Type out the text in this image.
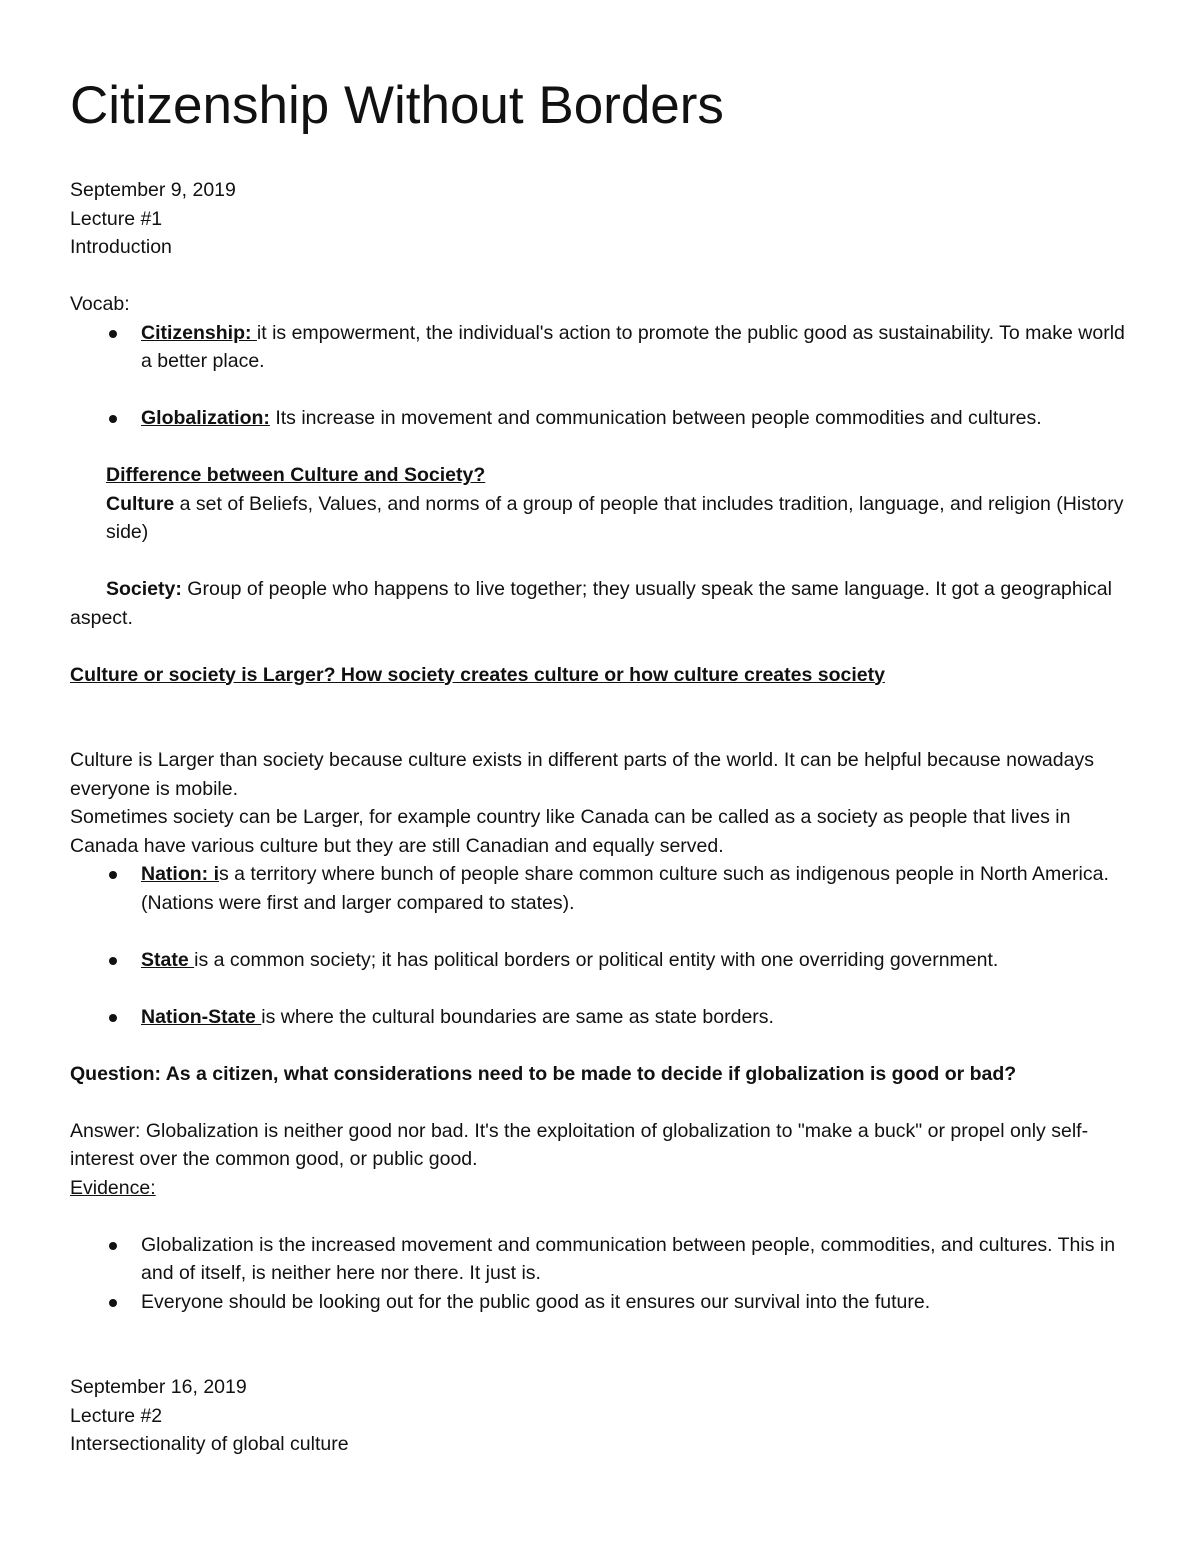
Citizenship Without Borders
September 9, 2019
Lecture #1
Introduction
Vocab:
Citizenship: it is empowerment, the individual's action to promote the public good as sustainability. To make world a better place.
Globalization: Its increase in movement and communication between people commodities and cultures.
Difference between Culture and Society?
Culture a set of Beliefs, Values, and norms of a group of people that includes tradition, language, and religion (History side)
Society: Group of people who happens to live together; they usually speak the same language. It got a geographical aspect.
Culture or society is Larger? How society creates culture or how culture creates society
Culture is Larger than society because culture exists in different parts of the world. It can be helpful because nowadays everyone is mobile.
Sometimes society can be Larger, for example country like Canada can be called as a society as people that lives in Canada have various culture but they are still Canadian and equally served.
Nation: is a territory where bunch of people share common culture such as indigenous people in North America. (Nations were first and larger compared to states).
State is a common society; it has political borders or political entity with one overriding government.
Nation-State is where the cultural boundaries are same as state borders.
Question: As a citizen, what considerations need to be made to decide if globalization is good or bad?
Answer: Globalization is neither good nor bad. It's the exploitation of globalization to "make a buck" or propel only self-interest over the common good, or public good.
Evidence:
Globalization is the increased movement and communication between people, commodities, and cultures. This in and of itself, is neither here nor there. It just is.
Everyone should be looking out for the public good as it ensures our survival into the future.
September 16, 2019
Lecture #2
Intersectionality of global culture
